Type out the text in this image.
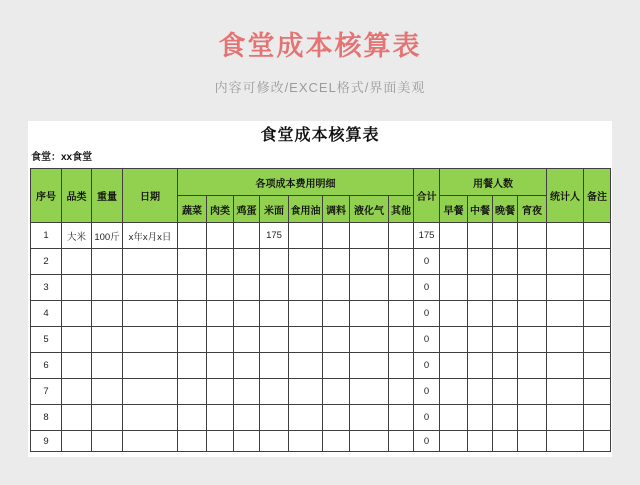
食堂成本核算表
内容可修改/EXCEL格式/界面美观
食堂成本核算表
食堂：xx食堂
序号	品类	重量	日期	各项成本费用明细								合计	用餐人数				统计人	备注
				蔬菜	肉类	鸡蛋	米面	食用油	调料	液化气	其他		早餐	中餐	晚餐	宵夜		
1	大米	100斤	x年x月x日				175					175						
2												0						
3												0						
4												0						
5												0						
6												0						
7												0						
8												0						
9												0						
